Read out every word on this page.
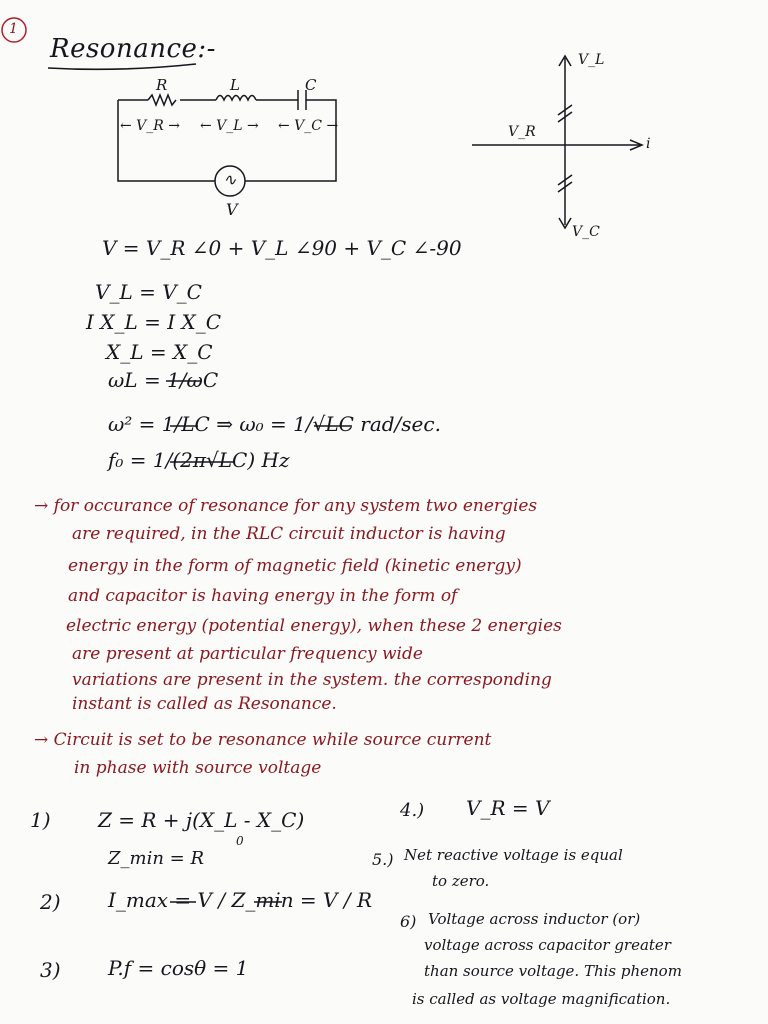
1
Resonance:-
R	L	C
← V_R → ← V_L → ← V_C →
∿
V
V_L
V_C
i
V_R
V = V_R ∠0 + V_L ∠90 + V_C ∠-90
V_L = V_C
I X_L = I X_C
X_L = X_C
ωL = 1/ωC
ω² = 1/LC ⇒ ω₀ = 1/√LC rad/sec.
f₀ = 1/(2π√LC) Hz
→ for occurance of resonance for any system two energies
are required, in the RLC circuit inductor is having
energy in the form of magnetic field (kinetic energy)
and capacitor is having energy in the form of
electric energy (potential energy), when these 2 energies
are present at particular frequency wide
variations are present in the system. the corresponding
instant is called as Resonance.
→ Circuit is set to be resonance while source current
in phase with source voltage
1) Z = R + j(X_L - X_C)
0
Z_min = R
2) I_max = V / Z_min = V / R
3) P.f = cosθ = 1
4.) V_R = V
5.) Net reactive voltage is equal
to zero.
6) Voltage across inductor (or)
voltage across capacitor greater
than source voltage. This phenom
is called as voltage magnification.
